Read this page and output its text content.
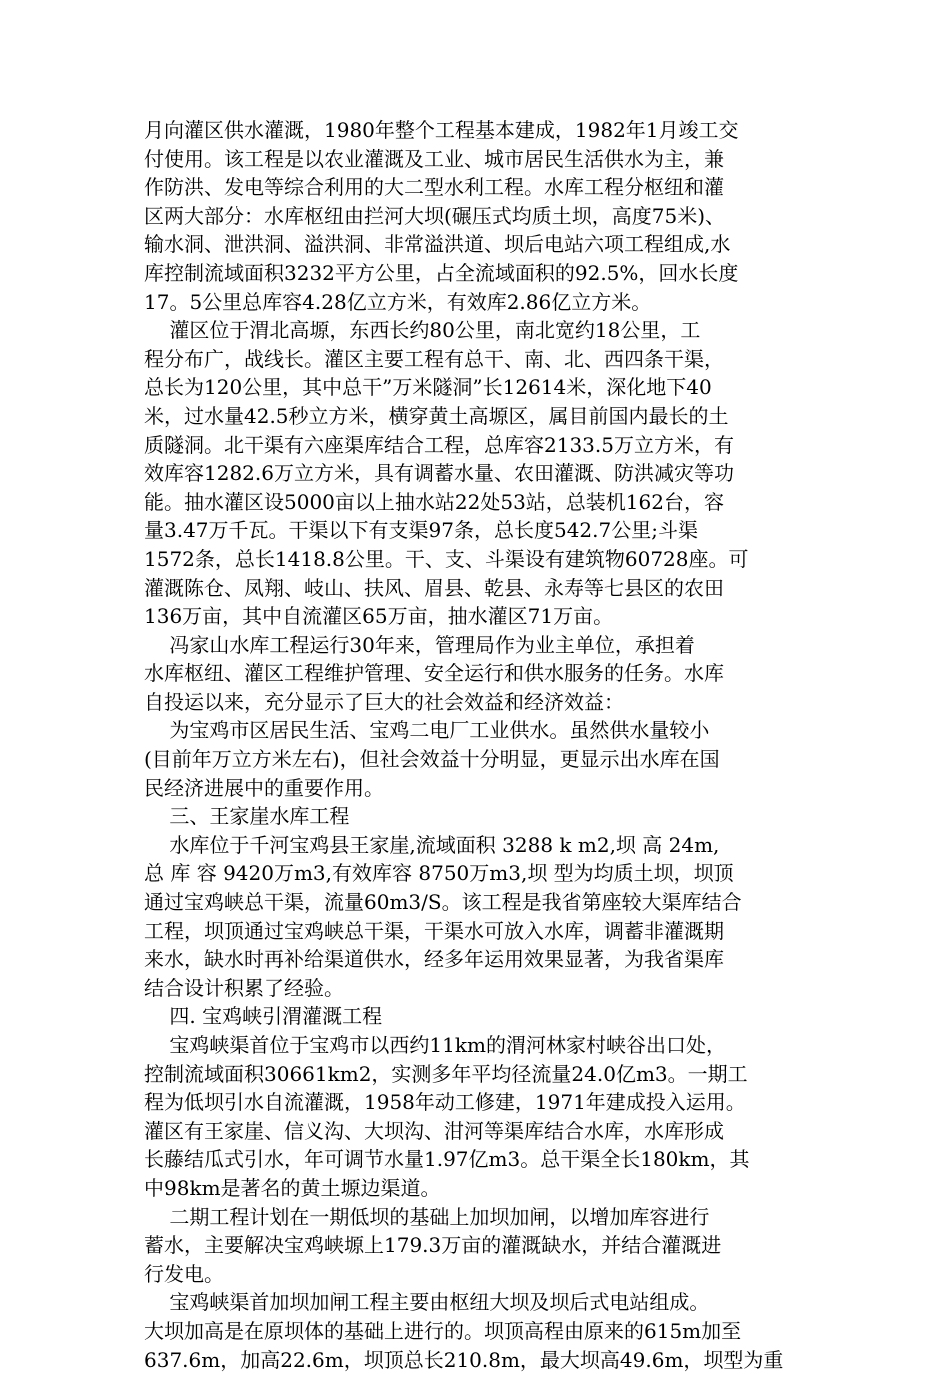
月向灌区供水灌溉，1980年整个工程基本建成，1982年1月竣工交
付使用。该工程是以农业灌溉及工业、城市居民生活供水为主，兼
作防洪、发电等综合利用的大二型水利工程。水库工程分枢纽和灌
区两大部分：水库枢纽由拦河大坝(碾压式均质土坝，高度75米)、
输水洞、泄洪洞、溢洪洞、非常溢洪道、坝后电站六项工程组成,水
库控制流域面积3232平方公里，占全流域面积的92.5%，回水长度
17。5公里总库容4.28亿立方米，有效库2.86亿立方米。
灌区位于渭北高塬，东西长约80公里，南北宽约18公里，工
程分布广，战线长。灌区主要工程有总干、南、北、西四条干渠，
总长为120公里，其中总干”万米隧洞”长12614米，深化地下40
米，过水量42.5秒立方米，横穿黄土高塬区，属目前国内最长的土
质隧洞。北干渠有六座渠库结合工程，总库容2133.5万立方米，有
效库容1282.6万立方米，具有调蓄水量、农田灌溉、防洪减灾等功
能。抽水灌区设5000亩以上抽水站22处53站，总装机162台，容
量3.47万千瓦。干渠以下有支渠97条，总长度542.7公里;斗渠
1572条，总长1418.8公里。干、支、斗渠设有建筑物60728座。可
灌溉陈仓、凤翔、岐山、扶风、眉县、乾县、永寿等七县区的农田
136万亩，其中自流灌区65万亩，抽水灌区71万亩。
冯家山水库工程运行30年来，管理局作为业主单位，承担着
水库枢纽、灌区工程维护管理、安全运行和供水服务的任务。水库
自投运以来，充分显示了巨大的社会效益和经济效益：
为宝鸡市区居民生活、宝鸡二电厂工业供水。虽然供水量较小
(目前年万立方米左右)，但社会效益十分明显，更显示出水库在国
民经济进展中的重要作用。
三、王家崖水库工程
水库位于千河宝鸡县王家崖,流域面积 3288 k m2,坝 高 24m,
总 库 容 9420万m3,有效库容 8750万m3,坝 型为均质土坝，坝顶
通过宝鸡峡总干渠，流量60m3/S。该工程是我省第座较大渠库结合
工程，坝顶通过宝鸡峡总干渠，干渠水可放入水库，调蓄非灌溉期
来水，缺水时再补给渠道供水，经多年运用效果显著，为我省渠库
结合设计积累了经验。
四. 宝鸡峡引渭灌溉工程
宝鸡峡渠首位于宝鸡市以西约11km的渭河林家村峡谷出口处，
控制流域面积30661km2，实测多年平均径流量24.0亿m3。一期工
程为低坝引水自流灌溉，1958年动工修建，1971年建成投入运用。
灌区有王家崖、信义沟、大坝沟、泔河等渠库结合水库，水库形成
长藤结瓜式引水，年可调节水量1.97亿m3。总干渠全长180km，其
中98km是著名的黄土塬边渠道。
二期工程计划在一期低坝的基础上加坝加闸，以增加库容进行
蓄水，主要解决宝鸡峡塬上179.3万亩的灌溉缺水，并结合灌溉进
行发电。
宝鸡峡渠首加坝加闸工程主要由枢纽大坝及坝后式电站组成。
大坝加高是在原坝体的基础上进行的。坝顶高程由原来的615m加至
637.6m，加高22.6m，坝顶总长210.8m，最大坝高49.6m，坝型为重
